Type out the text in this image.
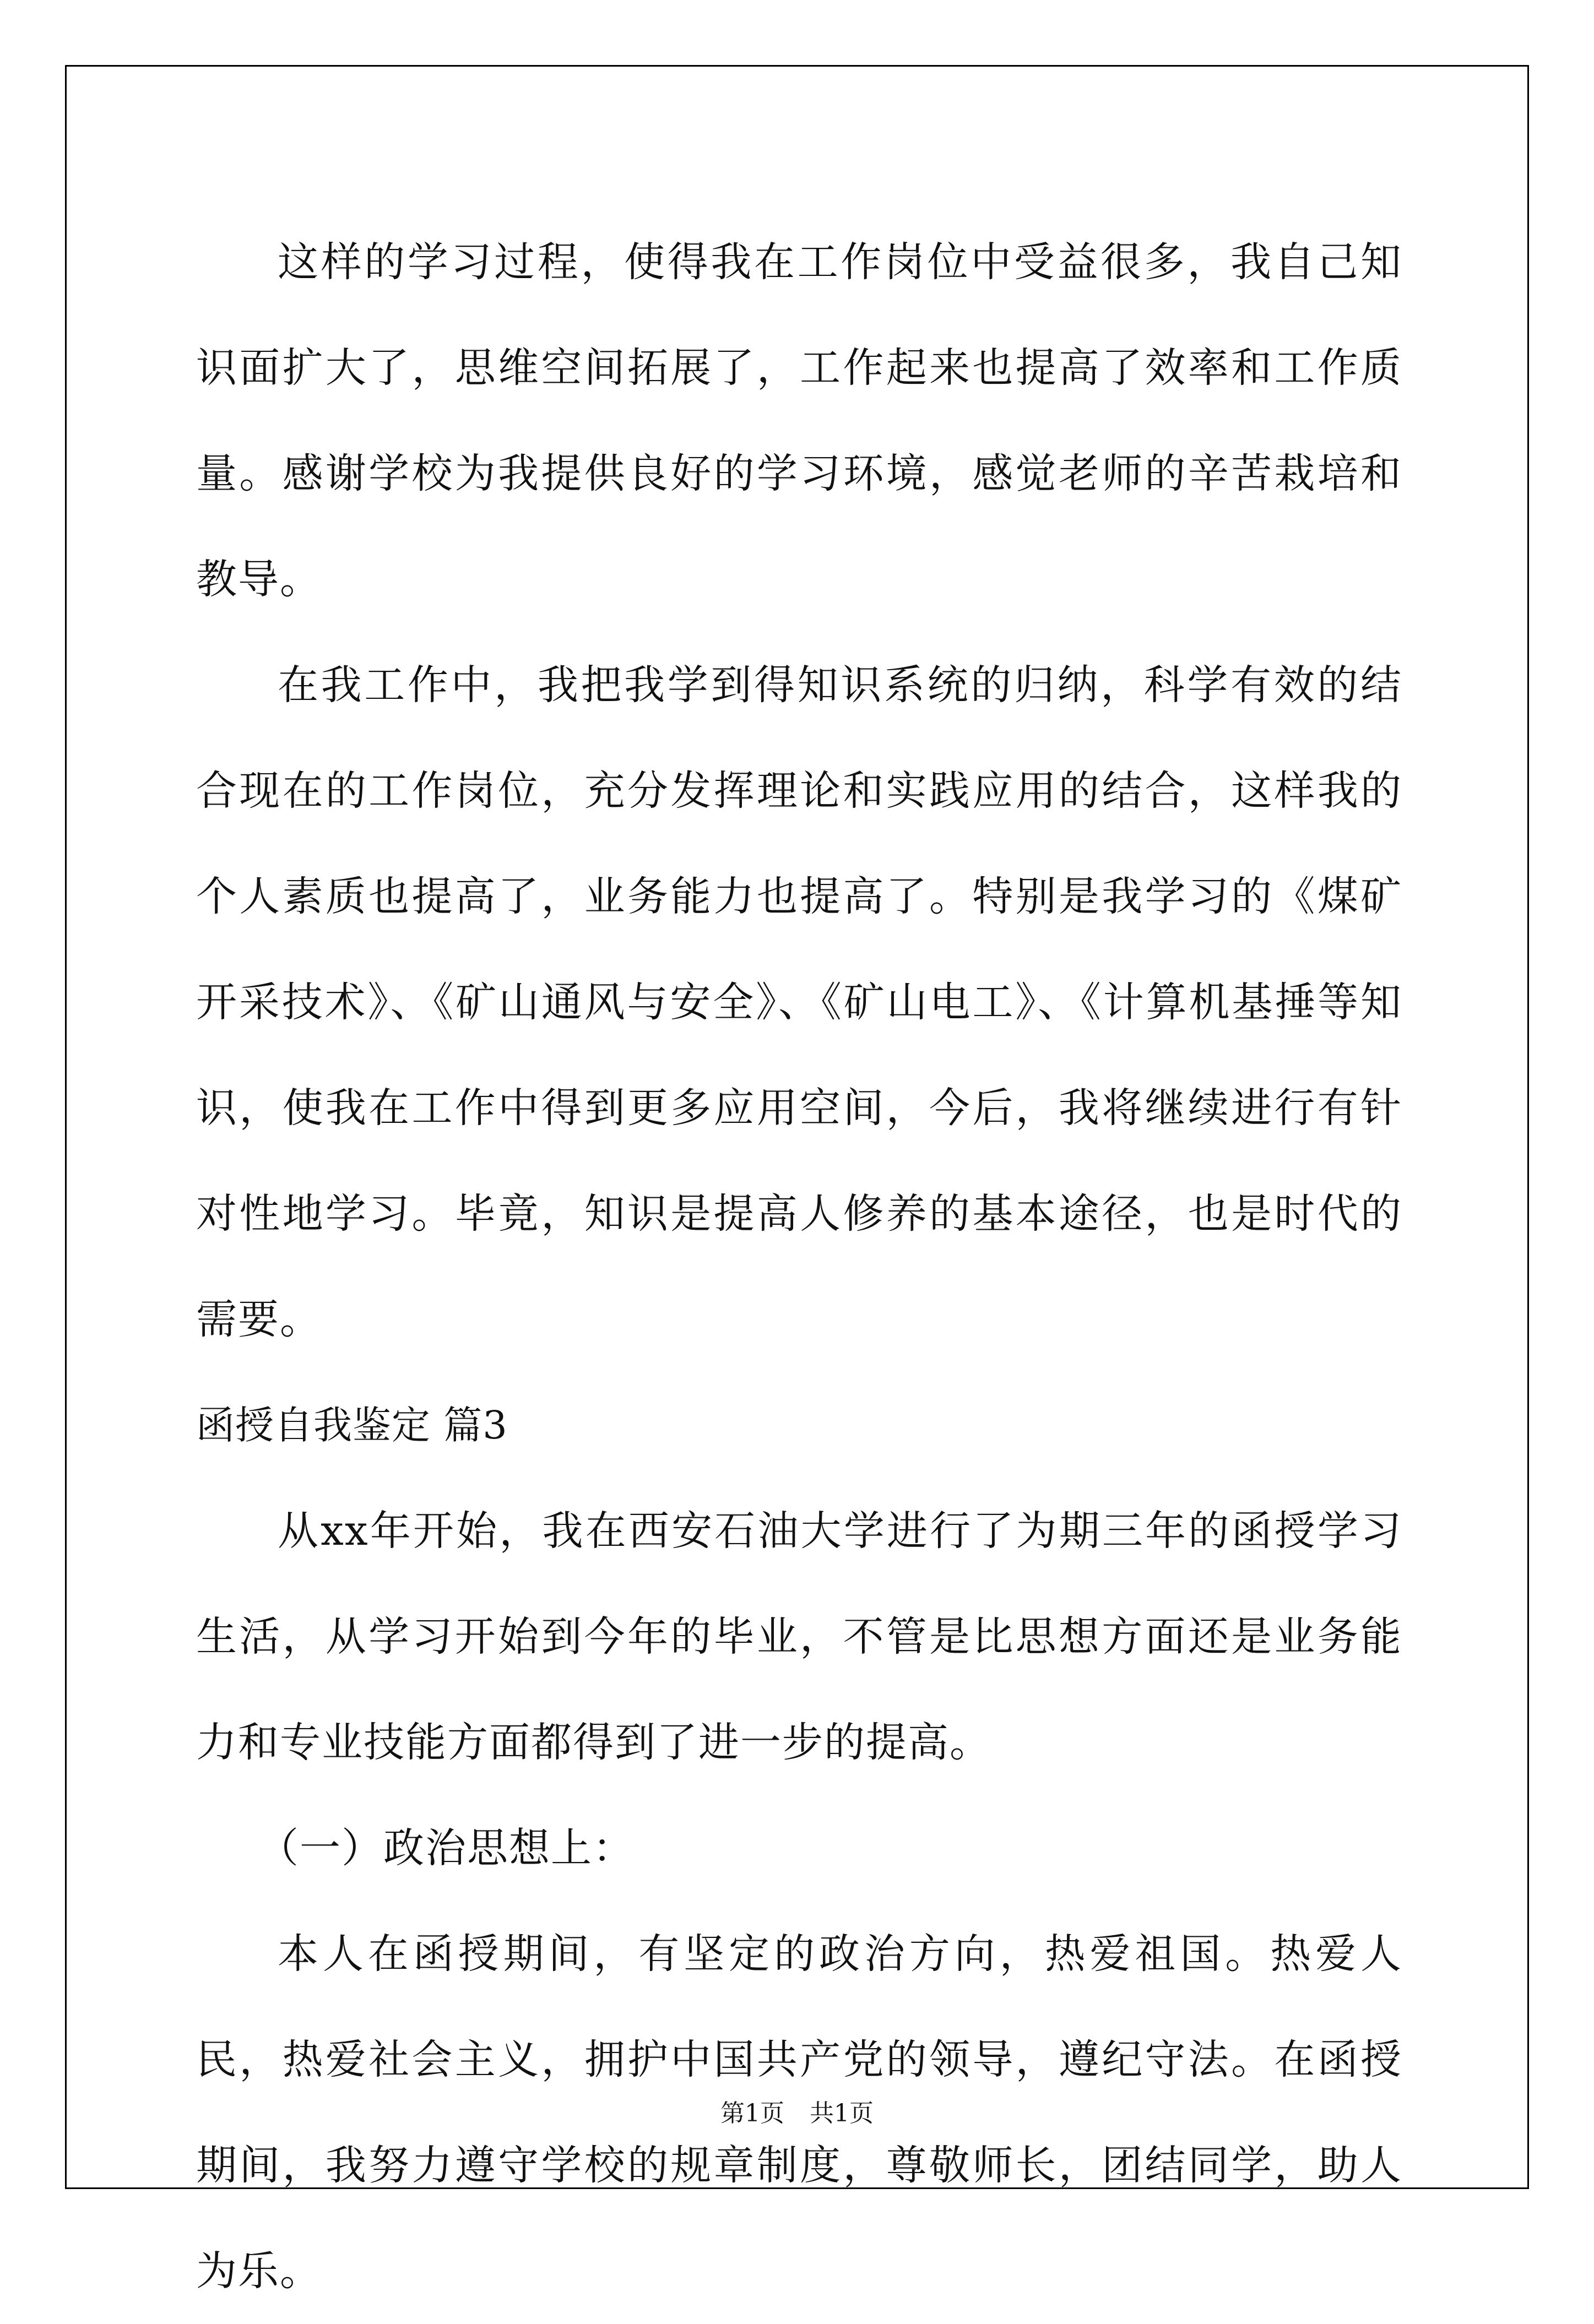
这样的学习过程，使得我在工作岗位中受益很多，我自己知识面扩大了，思维空间拓展了，工作起来也提高了效率和工作质量。感谢学校为我提供良好的学习环境，感觉老师的辛苦栽培和教导。

在我工作中，我把我学到得知识系统的归纳，科学有效的结合现在的工作岗位，充分发挥理论和实践应用的结合，这样我的个人素质也提高了，业务能力也提高了。特别是我学习的《煤矿开采技术》、《矿山通风与安全》、《矿山电工》、《计算机基捶等知识，使我在工作中得到更多应用空间，今后，我将继续进行有针对性地学习。毕竟，知识是提高人修养的基本途径，也是时代的需要。

函授自我鉴定 篇3

从xx年开始，我在西安石油大学进行了为期三年的函授学习生活，从学习开始到今年的毕业，不管是比思想方面还是业务能力和专业技能方面都得到了进一步的提高。

（一）政治思想上：

本人在函授期间，有坚定的政治方向，热爱祖国。热爱人民，热爱社会主义，拥护中国共产党的领导，遵纪守法。在函授期间，我努力遵守学校的规章制度，尊敬师长，团结同学，助人为乐。

第1页 共1页
